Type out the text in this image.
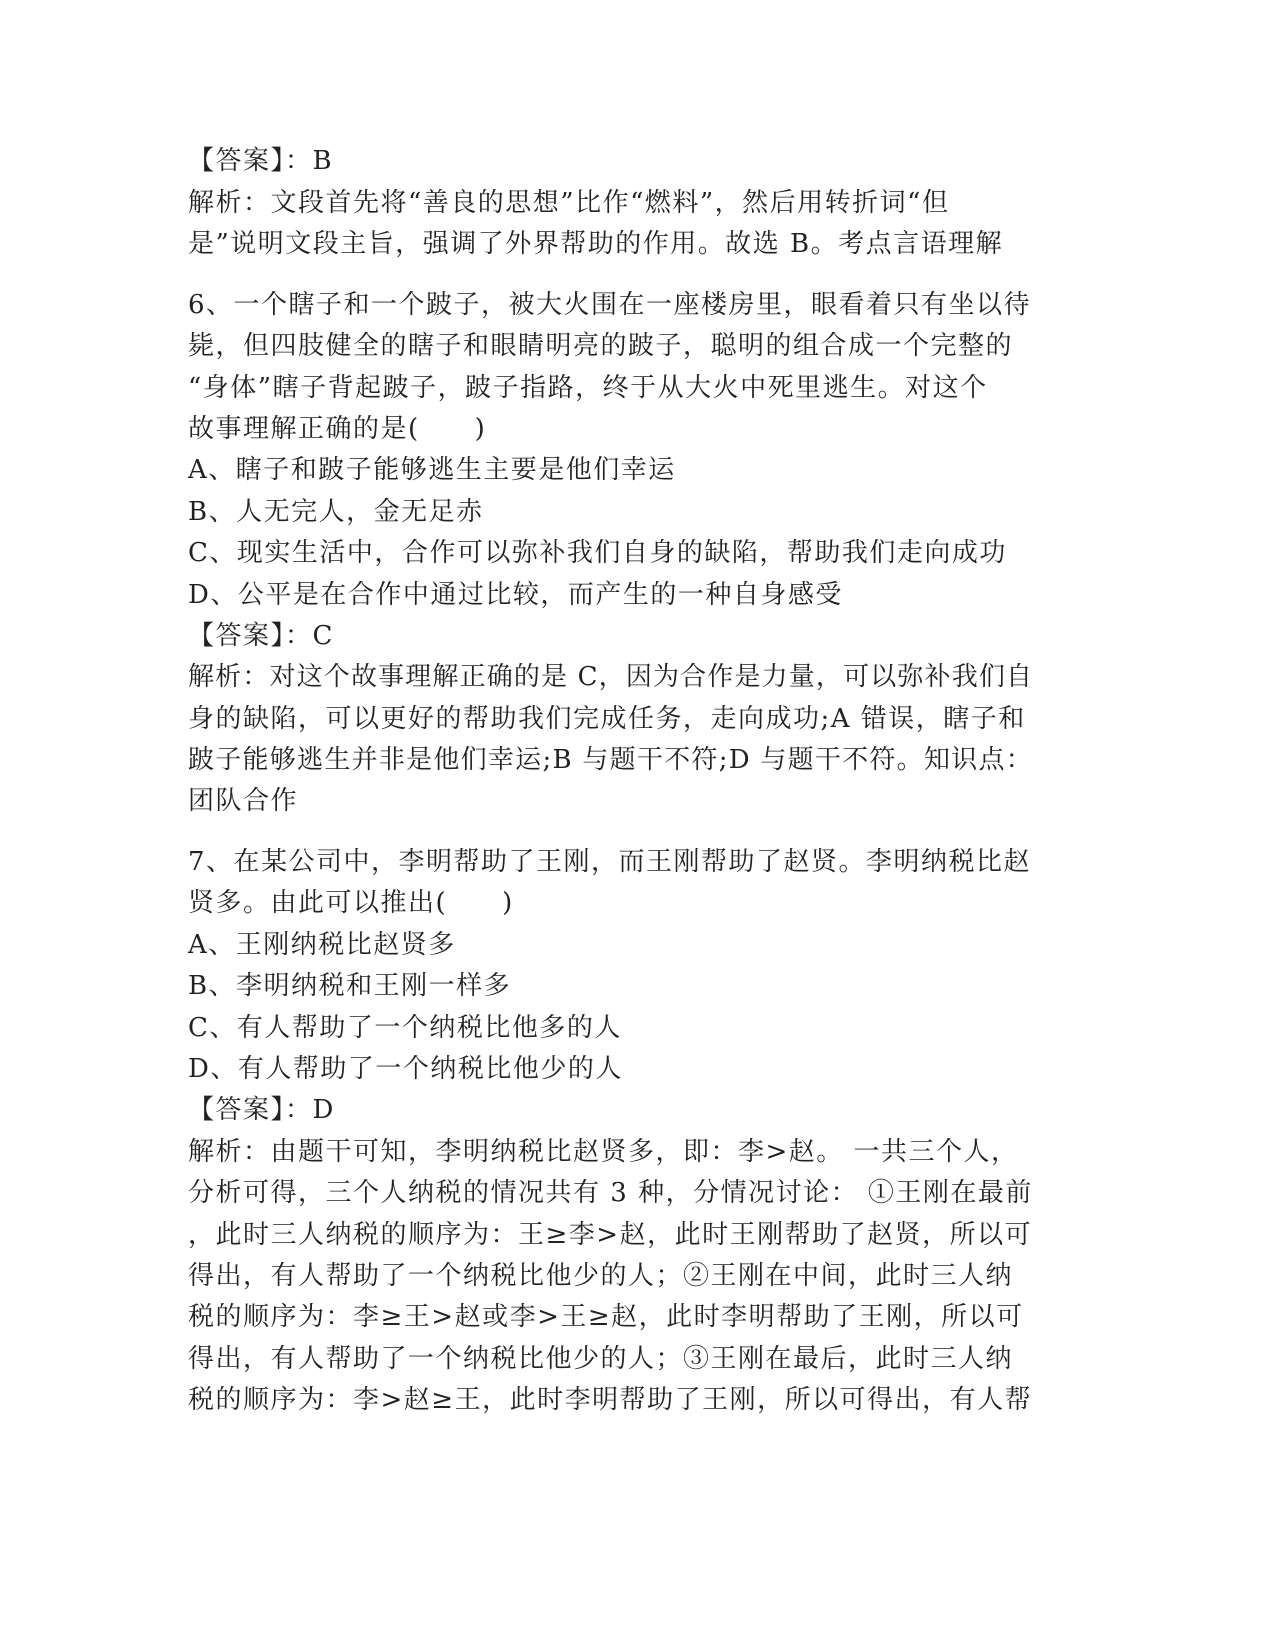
【答案】：B

解析：文段首先将“善良的思想”比作“燃料”，然后用转折词“但

是”说明文段主旨，强调了外界帮助的作用。故选 B。考点言语理解

6、一个瞎子和一个跛子，被大火围在一座楼房里，眼看着只有坐以待

毙，但四肢健全的瞎子和眼睛明亮的跛子，聪明的组合成一个完整的

“身体”瞎子背起跛子，跛子指路，终于从大火中死里逃生。对这个

故事理解正确的是(　　)

A、瞎子和跛子能够逃生主要是他们幸运

B、人无完人，金无足赤

C、现实生活中，合作可以弥补我们自身的缺陷，帮助我们走向成功

D、公平是在合作中通过比较，而产生的一种自身感受

【答案】：C

解析：对这个故事理解正确的是 C，因为合作是力量，可以弥补我们自

身的缺陷，可以更好的帮助我们完成任务，走向成功;A 错误，瞎子和

跛子能够逃生并非是他们幸运;B 与题干不符;D 与题干不符。知识点：

团队合作

7、在某公司中，李明帮助了王刚，而王刚帮助了赵贤。李明纳税比赵

贤多。由此可以推出(　　)

A、王刚纳税比赵贤多

B、李明纳税和王刚一样多

C、有人帮助了一个纳税比他多的人

D、有人帮助了一个纳税比他少的人

【答案】：D

解析：由题干可知，李明纳税比赵贤多，即：李>赵。 一共三个人，

分析可得，三个人纳税的情况共有 3 种，分情况讨论： ①王刚在最前

，此时三人纳税的顺序为：王≥李>赵，此时王刚帮助了赵贤，所以可

得出，有人帮助了一个纳税比他少的人；②王刚在中间，此时三人纳

税的顺序为：李≥王>赵或李>王≥赵，此时李明帮助了王刚，所以可

得出，有人帮助了一个纳税比他少的人；③王刚在最后，此时三人纳

税的顺序为：李>赵≥王，此时李明帮助了王刚，所以可得出，有人帮
